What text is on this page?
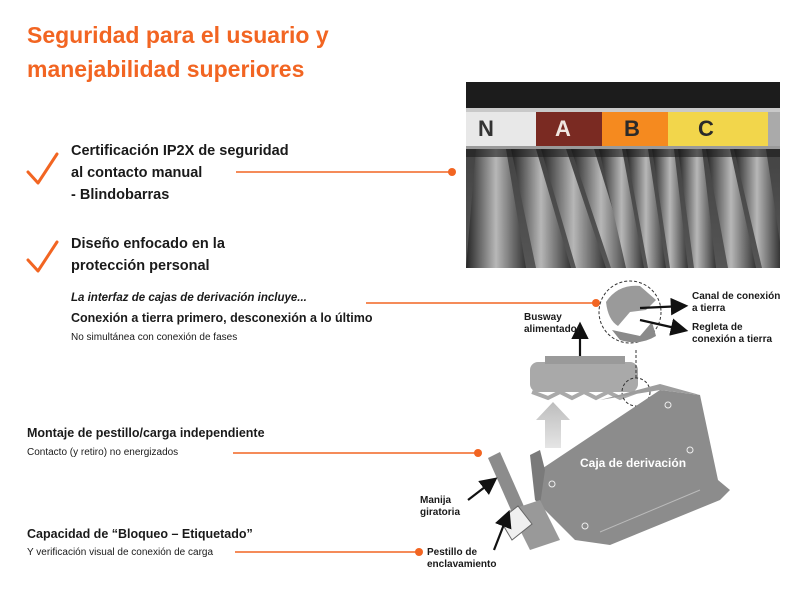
Seguridad para el usuario y
manejabilidad superiores
Certificación IP2X de seguridad
al contacto manual
- Blindobarras
Diseño enfocado en la
protección personal
La interfaz de cajas de derivación incluye...
Conexión a tierra primero, desconexión a lo último
No simultánea con conexión de fases
Montaje de pestillo/carga independiente
Contacto (y retiro) no energizados
Capacidad de “Bloqueo – Etiquetado”
Y verificación visual de conexión de carga
N	A B	C
Busway
alimentador
Canal de conexión
a tierra
Regleta de
conexión a tierra
Caja de derivación
Manija
giratoria
Pestillo de
enclavamiento
